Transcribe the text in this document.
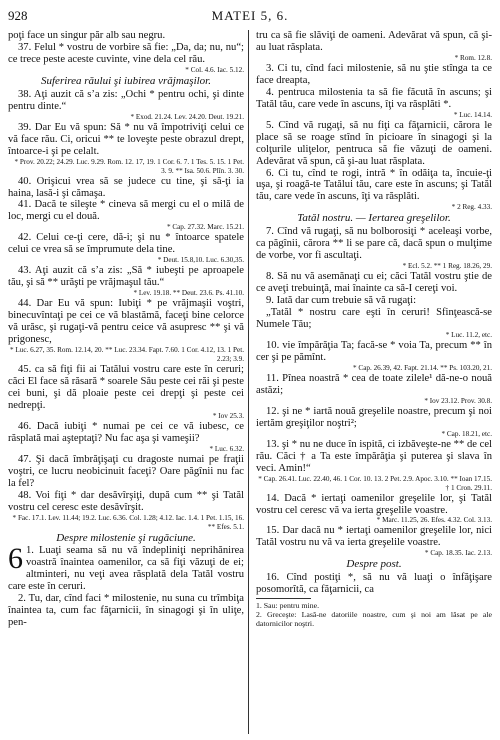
928	MATEI 5, 6.

poţi face un singur păr alb sau negru.

37. Felul * vostru de vorbire să fie: „Da, da; nu, nu“; ce trece peste aceste cuvinte, vine dela cel rău.

* Col. 4.6. Iac. 5.12.

Suferirea răului şi iubirea vrăjmaşilor.

38. Aţi auzit că s’a zis: „Ochi * pentru ochi, şi dinte pentru dinte.“

* Exod. 21.24. Lev. 24.20. Deut. 19.21.

39. Dar Eu vă spun: Să * nu vă împotriviţi celui ce vă face rău. Ci, oricui ** te loveşte peste obrazul drept, întoarce-i şi pe celalt.

* Prov. 20.22; 24.29. Luc. 9.29. Rom. 12. 17, 19. 1 Cor. 6. 7. 1 Tes. 5. 15. 1 Pet. 3. 9. ** Isa. 50.6. Plîn. 3. 30.

40. Orişicui vrea să se judece cu tine, şi să-ţi ia haina, lasă-i şi cămaşa.

41. Dacă te sileşte * cineva să mergi cu el o milă de loc, mergi cu el două.

* Cap. 27.32. Marc. 15.21.

42. Celui ce-ţi cere, dă-i; şi nu * întoarce spatele celui ce vrea să se împrumute dela tine.

* Deut. 15.8,10. Luc. 6.30,35.

43. Aţi auzit că s’a zis: „Să * iubeşti pe aproapele tău, şi să ** urăşti pe vrăjmaşul tău.“

* Lev. 19.18. ** Deut. 23.6. Ps. 41.10.

44. Dar Eu vă spun: Iubiţi * pe vrăjmaşii voştri, binecuvîntaţi pe cei ce vă blastămă, faceţi bine celorce vă urăsc, şi rugaţi-vă pentru ceice vă asupresc ** şi vă prigonesc,

* Luc. 6.27, 35. Rom. 12.14, 20. ** Luc. 23.34. Fapt. 7.60. 1 Cor. 4.12, 13. 1 Pet. 2.23; 3.9.

45. ca să fiţi fii ai Tatălui vostru care este în ceruri; căci El face să răsară * soarele Său peste cei răi şi peste cei buni, şi dă ploaie peste cei drepţi şi peste cei nedrepţi.

* Iov 25.3.

46. Dacă iubiţi * numai pe cei ce vă iubesc, ce răsplată mai aşteptaţi? Nu fac aşa şi vameşii?

* Luc. 6.32.

47. Şi dacă îmbrăţişaţi cu dragoste numai pe fraţii voştri, ce lucru neobicinuit faceţi? Oare păgînii nu fac la fel?

48. Voi fiţi * dar desăvîrşiţi, după cum ** şi Tatăl vostru cel ceresc este desăvîrşit.

* Fac. 17.1. Lev. 11.44; 19.2. Luc. 6.36. Col. 1.28; 4.12. Iac. 1.4. 1 Pet. 1.15, 16. ** Efes. 5.1.

Despre milostenie şi rugăciune.

6 1. Luaţi seama să nu vă îndepliniţi neprihănirea voastră înaintea oamenilor, ca să fiţi văzuţi de ei; altminteri, nu veţi avea răsplată dela Tatăl vostru care este în ceruri.

2. Tu, dar, cînd faci * milostenie, nu suna cu trîmbiţa înaintea ta, cum fac făţarnicii, în sinagogi şi în uliţe, pen-

tru ca să fie slăviţi de oameni. Adevărat vă spun, că şi-au luat răsplata.

* Rom. 12.8.

3. Ci tu, cînd faci milostenie, să nu ştie stînga ta ce face dreapta,

4. pentruca milostenia ta să fie făcută în ascuns; şi Tatăl tău, care vede în ascuns, îţi va răsplăti *.

* Luc. 14.14.

5. Cînd vă rugaţi, să nu fiţi ca făţarnicii, cărora le place să se roage stînd în picioare în sinagogi şi la colţurile uliţelor, pentruca să fie văzuţi de oameni. Adevărat vă spun, că şi-au luat răsplata.

6. Ci tu, cînd te rogi, intră * în odăiţa ta, încuie-ţi uşa, şi roagă-te Tatălui tău, care este în ascuns; şi Tatăl tău, care vede în ascuns, îţi va răsplăti.

* 2 Reg. 4.33.

Tatăl nostru. — Iertarea greşelilor.

7. Cînd vă rugaţi, să nu bolborosiţi * aceleaşi vorbe, ca păgînii, cărora ** li se pare că, dacă spun o mulţime de vorbe, vor fi ascultaţi.

* Ecl. 5.2. ** 1 Reg. 18.26, 29.

8. Să nu vă asemănaţi cu ei; căci Tatăl vostru ştie de ce aveţi trebuinţă, mai înainte ca să-I cereţi voi.

9. Iată dar cum trebuie să vă rugaţi:

„Tatăl * nostru care eşti în ceruri! Sfinţească-se Numele Tău;

* Luc. 11.2, etc.

10. vie împărăţia Ta; facă-se * voia Ta, precum ** în cer şi pe pămînt.

* Cap. 26.39, 42. Fapt. 21.14. ** Ps. 103.20, 21.

11. Pînea noastră * cea de toate zilele¹ dă-ne-o nouă astăzi;

* Iov 23.12. Prov. 30.8.

12. şi ne * iartă nouă greşelile noastre, precum şi noi iertăm greşiţilor noştri²;

* Cap. 18.21, etc.

13. şi * nu ne duce în ispită, ci izbăveşte-ne ** de cel rău. Căci † a Ta este împărăţia şi puterea şi slava în veci. Amin!“

* Cap. 26.41. Luc. 22.40, 46. 1 Cor. 10. 13. 2 Pet. 2.9. Apoc. 3.10. ** Ioan 17.15. † 1 Cron. 29.11.

14. Dacă * iertaţi oamenilor greşelile lor, şi Tatăl vostru cel ceresc vă va ierta greşelile voastre.

* Marc. 11.25, 26. Efes. 4.32. Col. 3.13.

15. Dar dacă nu * iertaţi oamenilor greşelile lor, nici Tatăl vostru nu vă va ierta greşelile voastre.

* Cap. 18.35. Iac. 2.13.

Despre post.

16. Cînd postiţi *, să nu vă luaţi o înfăţişare posomorîtă, ca făţarnicii, ca

1. Sau: pentru mine.

2. Greceşte: Lasă-ne datoriile noastre, cum şi noi am lăsat pe ale datornicilor noştri.
